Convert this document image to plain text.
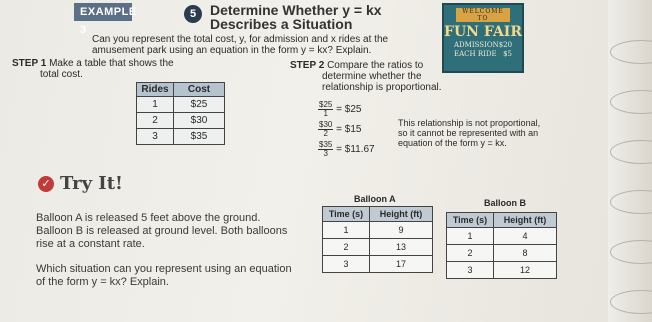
EXAMPLE 3
5 Determine Whether y = kx
Describes a Situation
Can you represent the total cost, y, for admission and x rides at the
amusement park using an equation in the form y = kx? Explain.
WELCOME TO
FUN FAIR
ADMISSION $20
EACH RIDE $5
STEP 1 Make a table that shows the
total cost.
Rides	Cost
1	$25
2	$30
3	$35
STEP 2 Compare the ratios to
determine whether the
relationship is proportional.
$\frac{\$25}{1}$ = $25
$\frac{\$30}{2}$ = $15
$\frac{\$35}{3}$ = $11.67
This relationship is not proportional,
so it cannot be represented with an
equation of the form y = kx.
✓ Try It!
Balloon A is released 5 feet above the ground.
Balloon B is released at ground level. Both balloons
rise at a constant rate.
Which situation can you represent using an equation
of the form y = kx? Explain.
Balloon A
Time (s)	Height (ft)
1	9
2	13
3	17
Balloon B
Time (s)	Height (ft)
1	4
2	8
3	12
